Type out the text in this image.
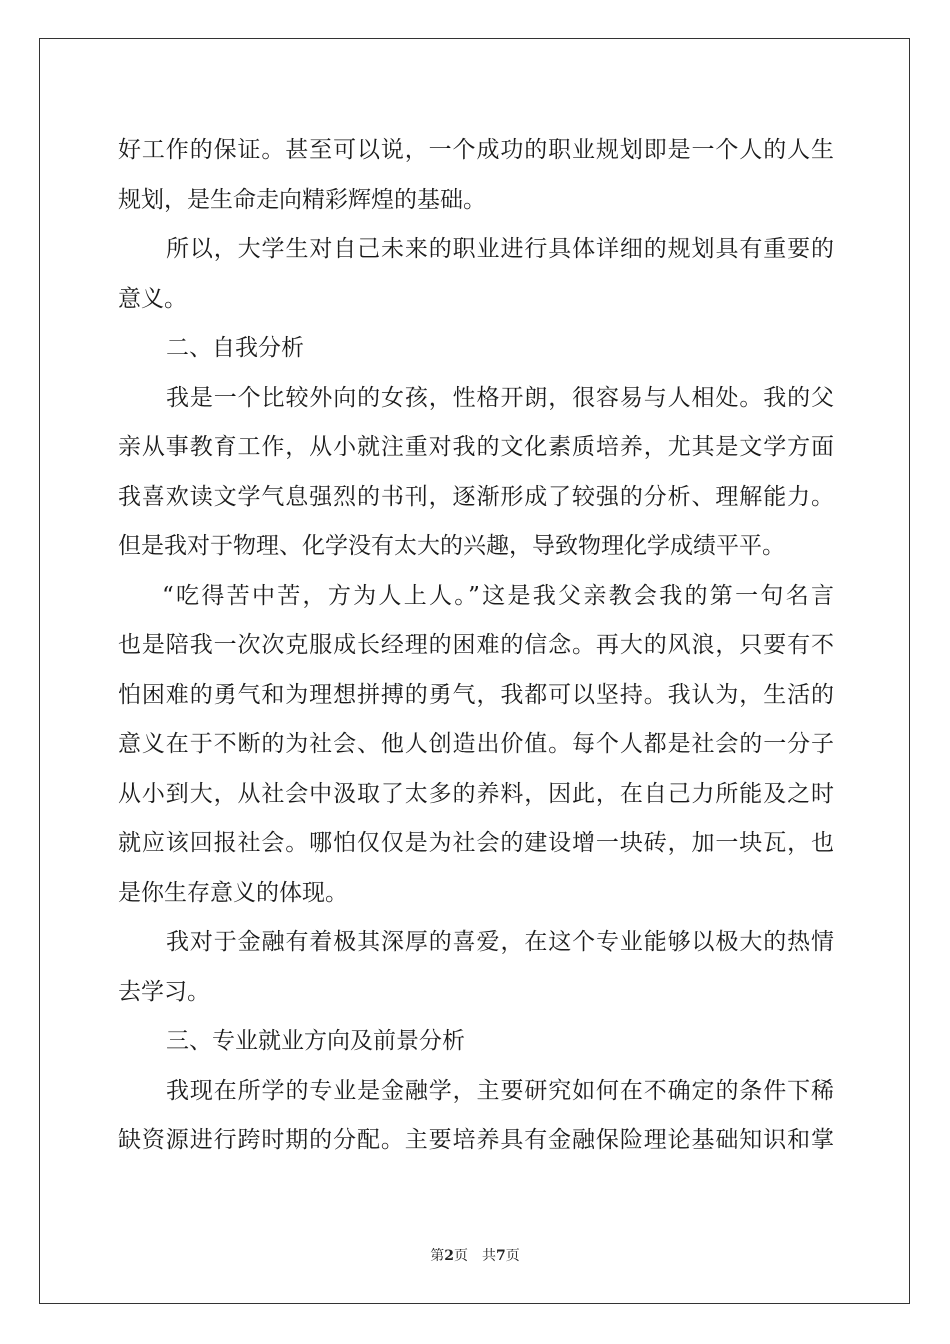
好工作的保证。甚至可以说，一个成功的职业规划即是一个人的人生
规划，是生命走向精彩辉煌的基础。
所以，大学生对自己未来的职业进行具体详细的规划具有重要的
意义。
二、自我分析
我是一个比较外向的女孩，性格开朗，很容易与人相处。我的父
亲从事教育工作，从小就注重对我的文化素质培养，尤其是文学方面
我喜欢读文学气息强烈的书刊，逐渐形成了较强的分析、理解能力。
但是我对于物理、化学没有太大的兴趣，导致物理化学成绩平平。
“吃得苦中苦，方为人上人。”这是我父亲教会我的第一句名言
也是陪我一次次克服成长经理的困难的信念。再大的风浪，只要有不
怕困难的勇气和为理想拼搏的勇气，我都可以坚持。我认为，生活的
意义在于不断的为社会、他人创造出价值。每个人都是社会的一分子
从小到大，从社会中汲取了太多的养料，因此，在自己力所能及之时
就应该回报社会。哪怕仅仅是为社会的建设增一块砖，加一块瓦，也
是你生存意义的体现。
我对于金融有着极其深厚的喜爱，在这个专业能够以极大的热情
去学习。
三、专业就业方向及前景分析
我现在所学的专业是金融学，主要研究如何在不确定的条件下稀
缺资源进行跨时期的分配。主要培养具有金融保险理论基础知识和掌
第2页 共7页
